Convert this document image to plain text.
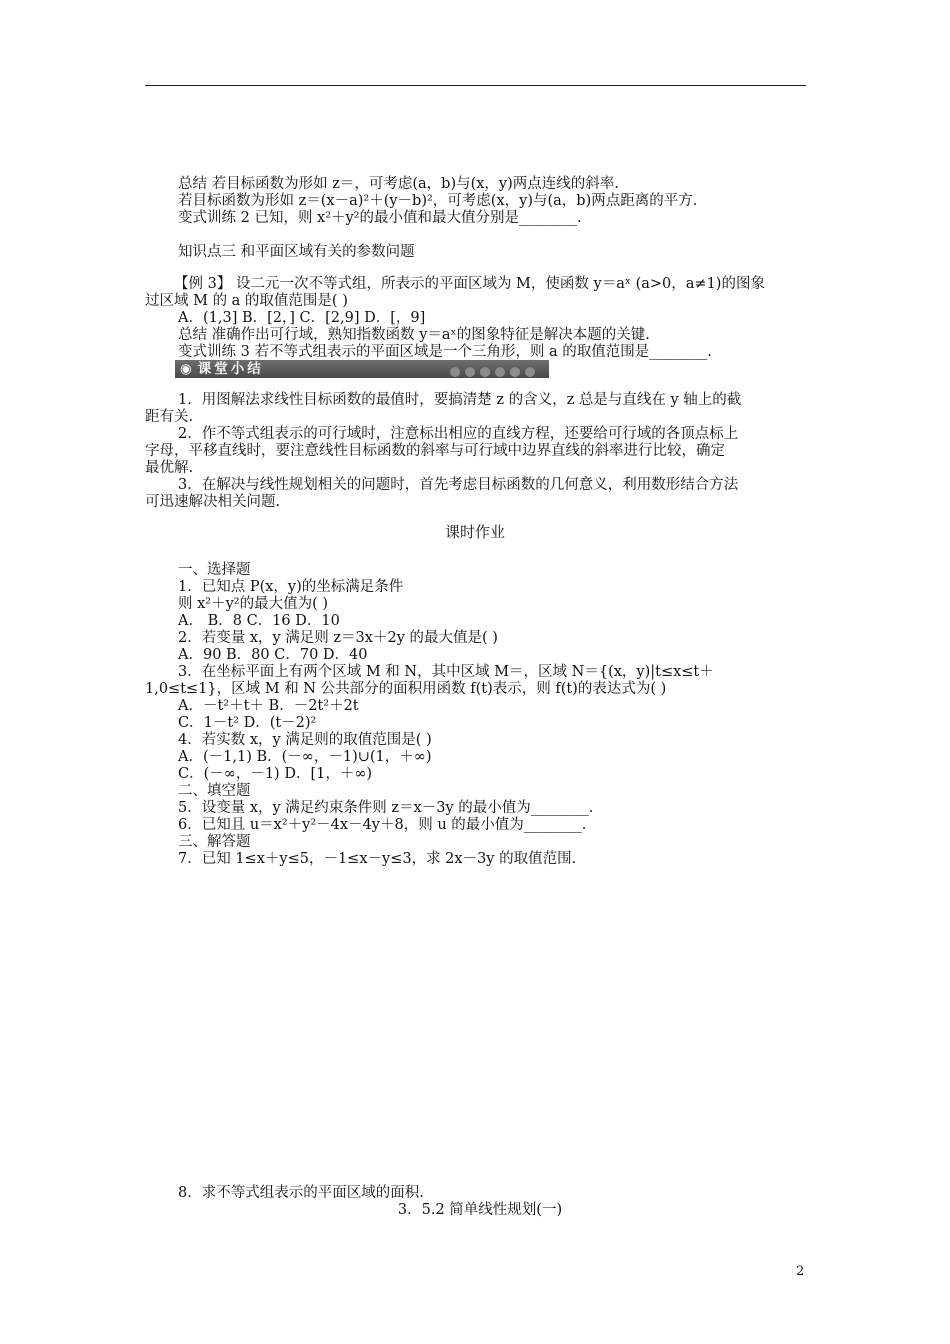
总结 若目标函数为形如 z＝，可考虑(a，b)与(x，y)两点连线的斜率.
若目标函数为形如 z＝(x－a)²＋(y－b)²，可考虑(x，y)与(a，b)两点距离的平方.
变式训练 2 已知，则 x²＋y²的最小值和最大值分别是________.
知识点三 和平面区域有关的参数问题
【例 3】 设二元一次不等式组，所表示的平面区域为 M，使函数 y＝aˣ (a>0，a≠1)的图象
过区域 M 的 a 的取值范围是( )
A．(1,3] B．[2，] C．[2,9] D．[，9]
总结 准确作出可行域，熟知指数函数 y＝aˣ的图象特征是解决本题的关键.
变式训练 3 若不等式组表示的平面区域是一个三角形，则 a 的取值范围是________.
1．用图解法求线性目标函数的最值时，要搞清楚 z 的含义，z 总是与直线在 y 轴上的截
距有关.
2．作不等式组表示的可行域时，注意标出相应的直线方程，还要给可行域的各顶点标上
字母，平移直线时，要注意线性目标函数的斜率与可行域中边界直线的斜率进行比较，确定
最优解.
3．在解决与线性规划相关的问题时，首先考虑目标函数的几何意义，利用数形结合方法
可迅速解决相关问题.
一、选择题
1．已知点 P(x，y)的坐标满足条件
则 x²＋y²的最大值为( )
A． B．8 C．16 D．10
2．若变量 x，y 满足则 z＝3x＋2y 的最大值是( )
A．90 B．80 C．70 D．40
3．在坐标平面上有两个区域 M 和 N，其中区域 M＝，区域 N＝{(x，y)|t≤x≤t＋
1,0≤t≤1}，区域 M 和 N 公共部分的面积用函数 f(t)表示，则 f(t)的表达式为( )
A．－t²＋t＋ B．－2t²＋2t
C．1－t² D．(t－2)²
4．若实数 x，y 满足则的取值范围是( )
A．(－1,1) B．(－∞，－1)∪(1，＋∞)
C．(－∞，－1) D．[1，＋∞)
二、填空题
5．设变量 x，y 满足约束条件则 z＝x－3y 的最小值为________.
6．已知且 u＝x²＋y²－4x－4y＋8，则 u 的最小值为________.
三、解答题
7．已知 1≤x＋y≤5，－1≤x－y≤3，求 2x－3y 的取值范围.
8．求不等式组表示的平面区域的面积.
◉ 课堂小结
课时作业
3．5.2 简单线性规划(一)
2
